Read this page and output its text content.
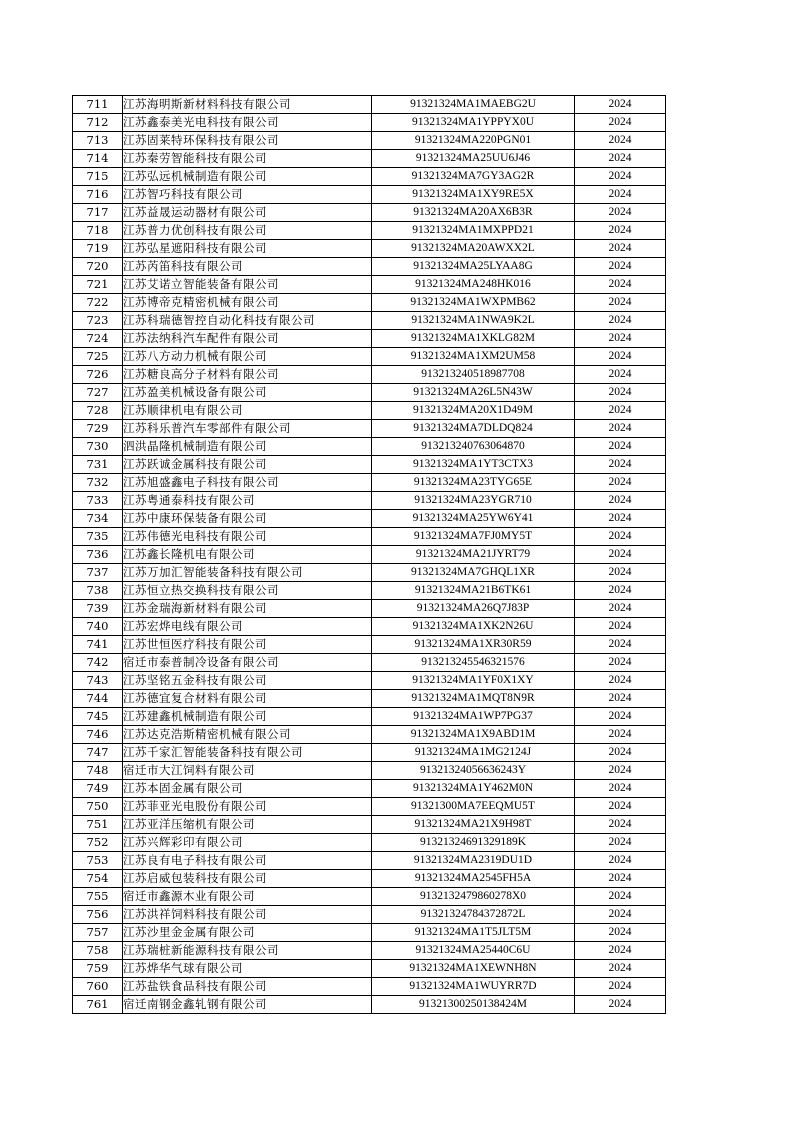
711	江苏海明斯新材料科技有限公司	91321324MA1MAEBG2U	2024
712	江苏鑫泰美光电科技有限公司	91321324MA1YPPYX0U	2024
713	江苏固莱特环保科技有限公司	91321324MA220PGN01	2024
714	江苏秦劳智能科技有限公司	91321324MA25UU6J46	2024
715	江苏弘远机械制造有限公司	91321324MA7GY3AG2R	2024
716	江苏智巧科技有限公司	91321324MA1XY9RE5X	2024
717	江苏益晟运动器材有限公司	91321324MA20AX6B3R	2024
718	江苏普力优创科技有限公司	91321324MA1MXPPD21	2024
719	江苏弘星遮阳科技有限公司	91321324MA20AWXX2L	2024
720	江苏芮笛科技有限公司	91321324MA25LYAA8G	2024
721	江苏艾诺立智能装备有限公司	91321324MA248HK016	2024
722	江苏博帝克精密机械有限公司	91321324MA1WXPMB62	2024
723	江苏科瑞德智控自动化科技有限公司	91321324MA1NWA9K2L	2024
724	江苏法纳科汽车配件有限公司	91321324MA1XKLG82M	2024
725	江苏八方动力机械有限公司	91321324MA1XM2UM58	2024
726	江苏糖良高分子材料有限公司	913213240518987708	2024
727	江苏盈美机械设备有限公司	91321324MA26L5N43W	2024
728	江苏顺律机电有限公司	91321324MA20X1D49M	2024
729	江苏科乐普汽车零部件有限公司	91321324MA7DLDQ824	2024
730	泗洪晶隆机械制造有限公司	913213240763064870	2024
731	江苏跃诚金属科技有限公司	91321324MA1YT3CTX3	2024
732	江苏旭盛鑫电子科技有限公司	91321324MA23TYG65E	2024
733	江苏粤通泰科技有限公司	91321324MA23YGR710	2024
734	江苏中康环保装备有限公司	91321324MA25YW6Y41	2024
735	江苏伟德光电科技有限公司	91321324MA7FJ0MY5T	2024
736	江苏鑫长隆机电有限公司	91321324MA21JYRT79	2024
737	江苏万加汇智能装备科技有限公司	91321324MA7GHQL1XR	2024
738	江苏恒立热交换科技有限公司	91321324MA21B6TK61	2024
739	江苏金瑞海新材料有限公司	91321324MA26Q7J83P	2024
740	江苏宏烨电线有限公司	91321324MA1XK2N26U	2024
741	江苏世恒医疗科技有限公司	91321324MA1XR30R59	2024
742	宿迁市泰普制冷设备有限公司	913213245546321576	2024
743	江苏坚铭五金科技有限公司	91321324MA1YF0X1XY	2024
744	江苏德宜复合材料有限公司	91321324MA1MQT8N9R	2024
745	江苏建鑫机械制造有限公司	91321324MA1WP7PG37	2024
746	江苏达克浩斯精密机械有限公司	91321324MA1X9ABD1M	2024
747	江苏千家汇智能装备科技有限公司	91321324MA1MG2124J	2024
748	宿迁市大江饲料有限公司	91321324056636243Y	2024
749	江苏本固金属有限公司	91321324MA1Y462M0N	2024
750	江苏菲亚光电股份有限公司	91321300MA7EEQMU5T	2024
751	江苏亚洋压缩机有限公司	91321324MA21X9H98T	2024
752	江苏兴辉彩印有限公司	91321324691329189K	2024
753	江苏良有电子科技有限公司	91321324MA2319DU1D	2024
754	江苏启威包装科技有限公司	91321324MA2545FH5A	2024
755	宿迁市鑫源木业有限公司	9132132479860278X0	2024
756	江苏洪祥饲料科技有限公司	91321324784372872L	2024
757	江苏沙里金金属有限公司	91321324MA1T5JLT5M	2024
758	江苏瑞桩新能源科技有限公司	91321324MA25440C6U	2024
759	江苏烨华气球有限公司	91321324MA1XEWNH8N	2024
760	江苏盐铁食品科技有限公司	91321324MA1WUYRR7D	2024
761	宿迁南钢金鑫轧钢有限公司	91321300250138424M	2024
